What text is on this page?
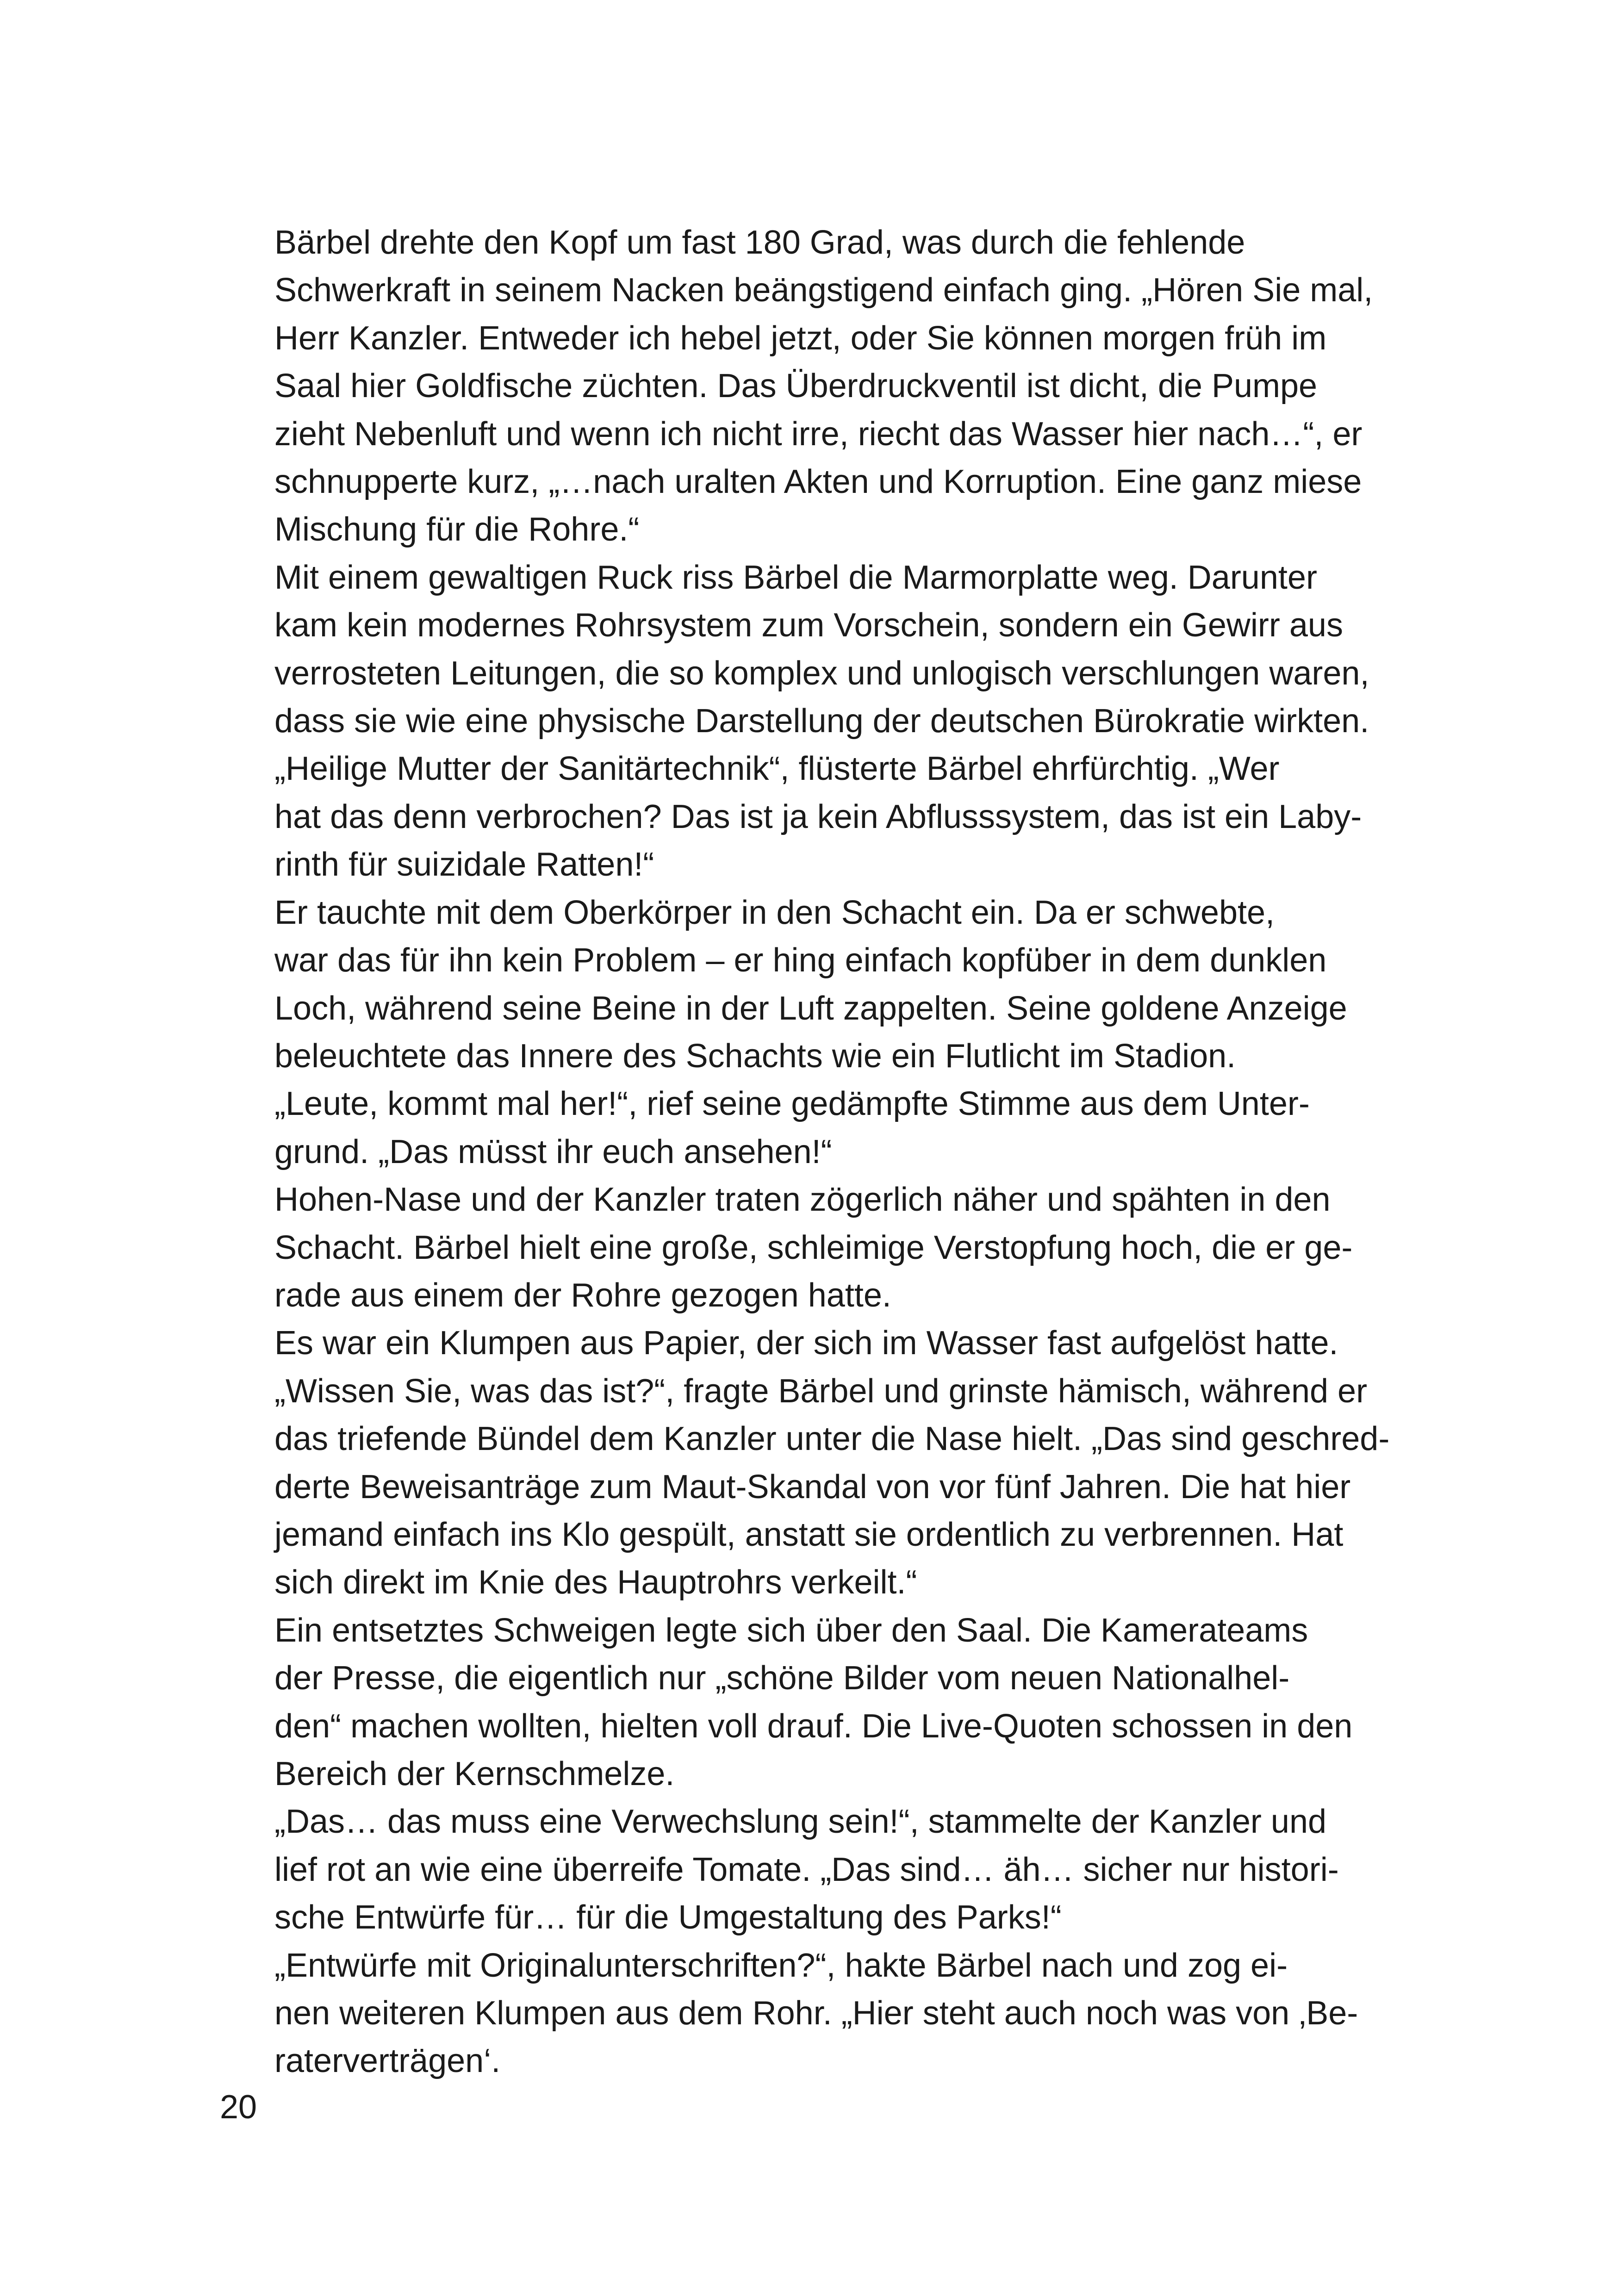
Bärbel drehte den Kopf um fast 180 Grad, was durch die fehlende
Schwerkraft in seinem Nacken beängstigend einfach ging. „Hören Sie mal,
Herr Kanzler. Entweder ich hebel jetzt, oder Sie können morgen früh im
Saal hier Goldfische züchten. Das Überdruckventil ist dicht, die Pumpe
zieht Nebenluft und wenn ich nicht irre, riecht das Wasser hier nach…“, er
schnupperte kurz, „…nach uralten Akten und Korruption. Eine ganz miese
Mischung für die Rohre.“

Mit einem gewaltigen Ruck riss Bärbel die Marmorplatte weg. Darunter
kam kein modernes Rohrsystem zum Vorschein, sondern ein Gewirr aus
verrosteten Leitungen, die so komplex und unlogisch verschlungen waren,
dass sie wie eine physische Darstellung der deutschen Bürokratie wirkten.

„Heilige Mutter der Sanitärtechnik“, flüsterte Bärbel ehrfürchtig. „Wer
hat das denn verbrochen? Das ist ja kein Abflusssystem, das ist ein Laby-
rinth für suizidale Ratten!“

Er tauchte mit dem Oberkörper in den Schacht ein. Da er schwebte,
war das für ihn kein Problem – er hing einfach kopfüber in dem dunklen
Loch, während seine Beine in der Luft zappelten. Seine goldene Anzeige
beleuchtete das Innere des Schachts wie ein Flutlicht im Stadion.

„Leute, kommt mal her!“, rief seine gedämpfte Stimme aus dem Unter-
grund. „Das müsst ihr euch ansehen!“

Hohen-Nase und der Kanzler traten zögerlich näher und spähten in den
Schacht. Bärbel hielt eine große, schleimige Verstopfung hoch, die er ge-
rade aus einem der Rohre gezogen hatte.

Es war ein Klumpen aus Papier, der sich im Wasser fast aufgelöst hatte.
„Wissen Sie, was das ist?“, fragte Bärbel und grinste hämisch, während er
das triefende Bündel dem Kanzler unter die Nase hielt. „Das sind geschred-
derte Beweisanträge zum Maut-Skandal von vor fünf Jahren. Die hat hier
jemand einfach ins Klo gespült, anstatt sie ordentlich zu verbrennen. Hat
sich direkt im Knie des Hauptrohrs verkeilt.“

Ein entsetztes Schweigen legte sich über den Saal. Die Kamerateams
der Presse, die eigentlich nur „schöne Bilder vom neuen Nationalhel-
den“ machen wollten, hielten voll drauf. Die Live-Quoten schossen in den
Bereich der Kernschmelze.

„Das… das muss eine Verwechslung sein!“, stammelte der Kanzler und
lief rot an wie eine überreife Tomate. „Das sind… äh… sicher nur histori-
sche Entwürfe für… für die Umgestaltung des Parks!“

„Entwürfe mit Originalunterschriften?“, hakte Bärbel nach und zog ei-
nen weiteren Klumpen aus dem Rohr. „Hier steht auch noch was von ‚Be-
raterverträgen‘.

20
